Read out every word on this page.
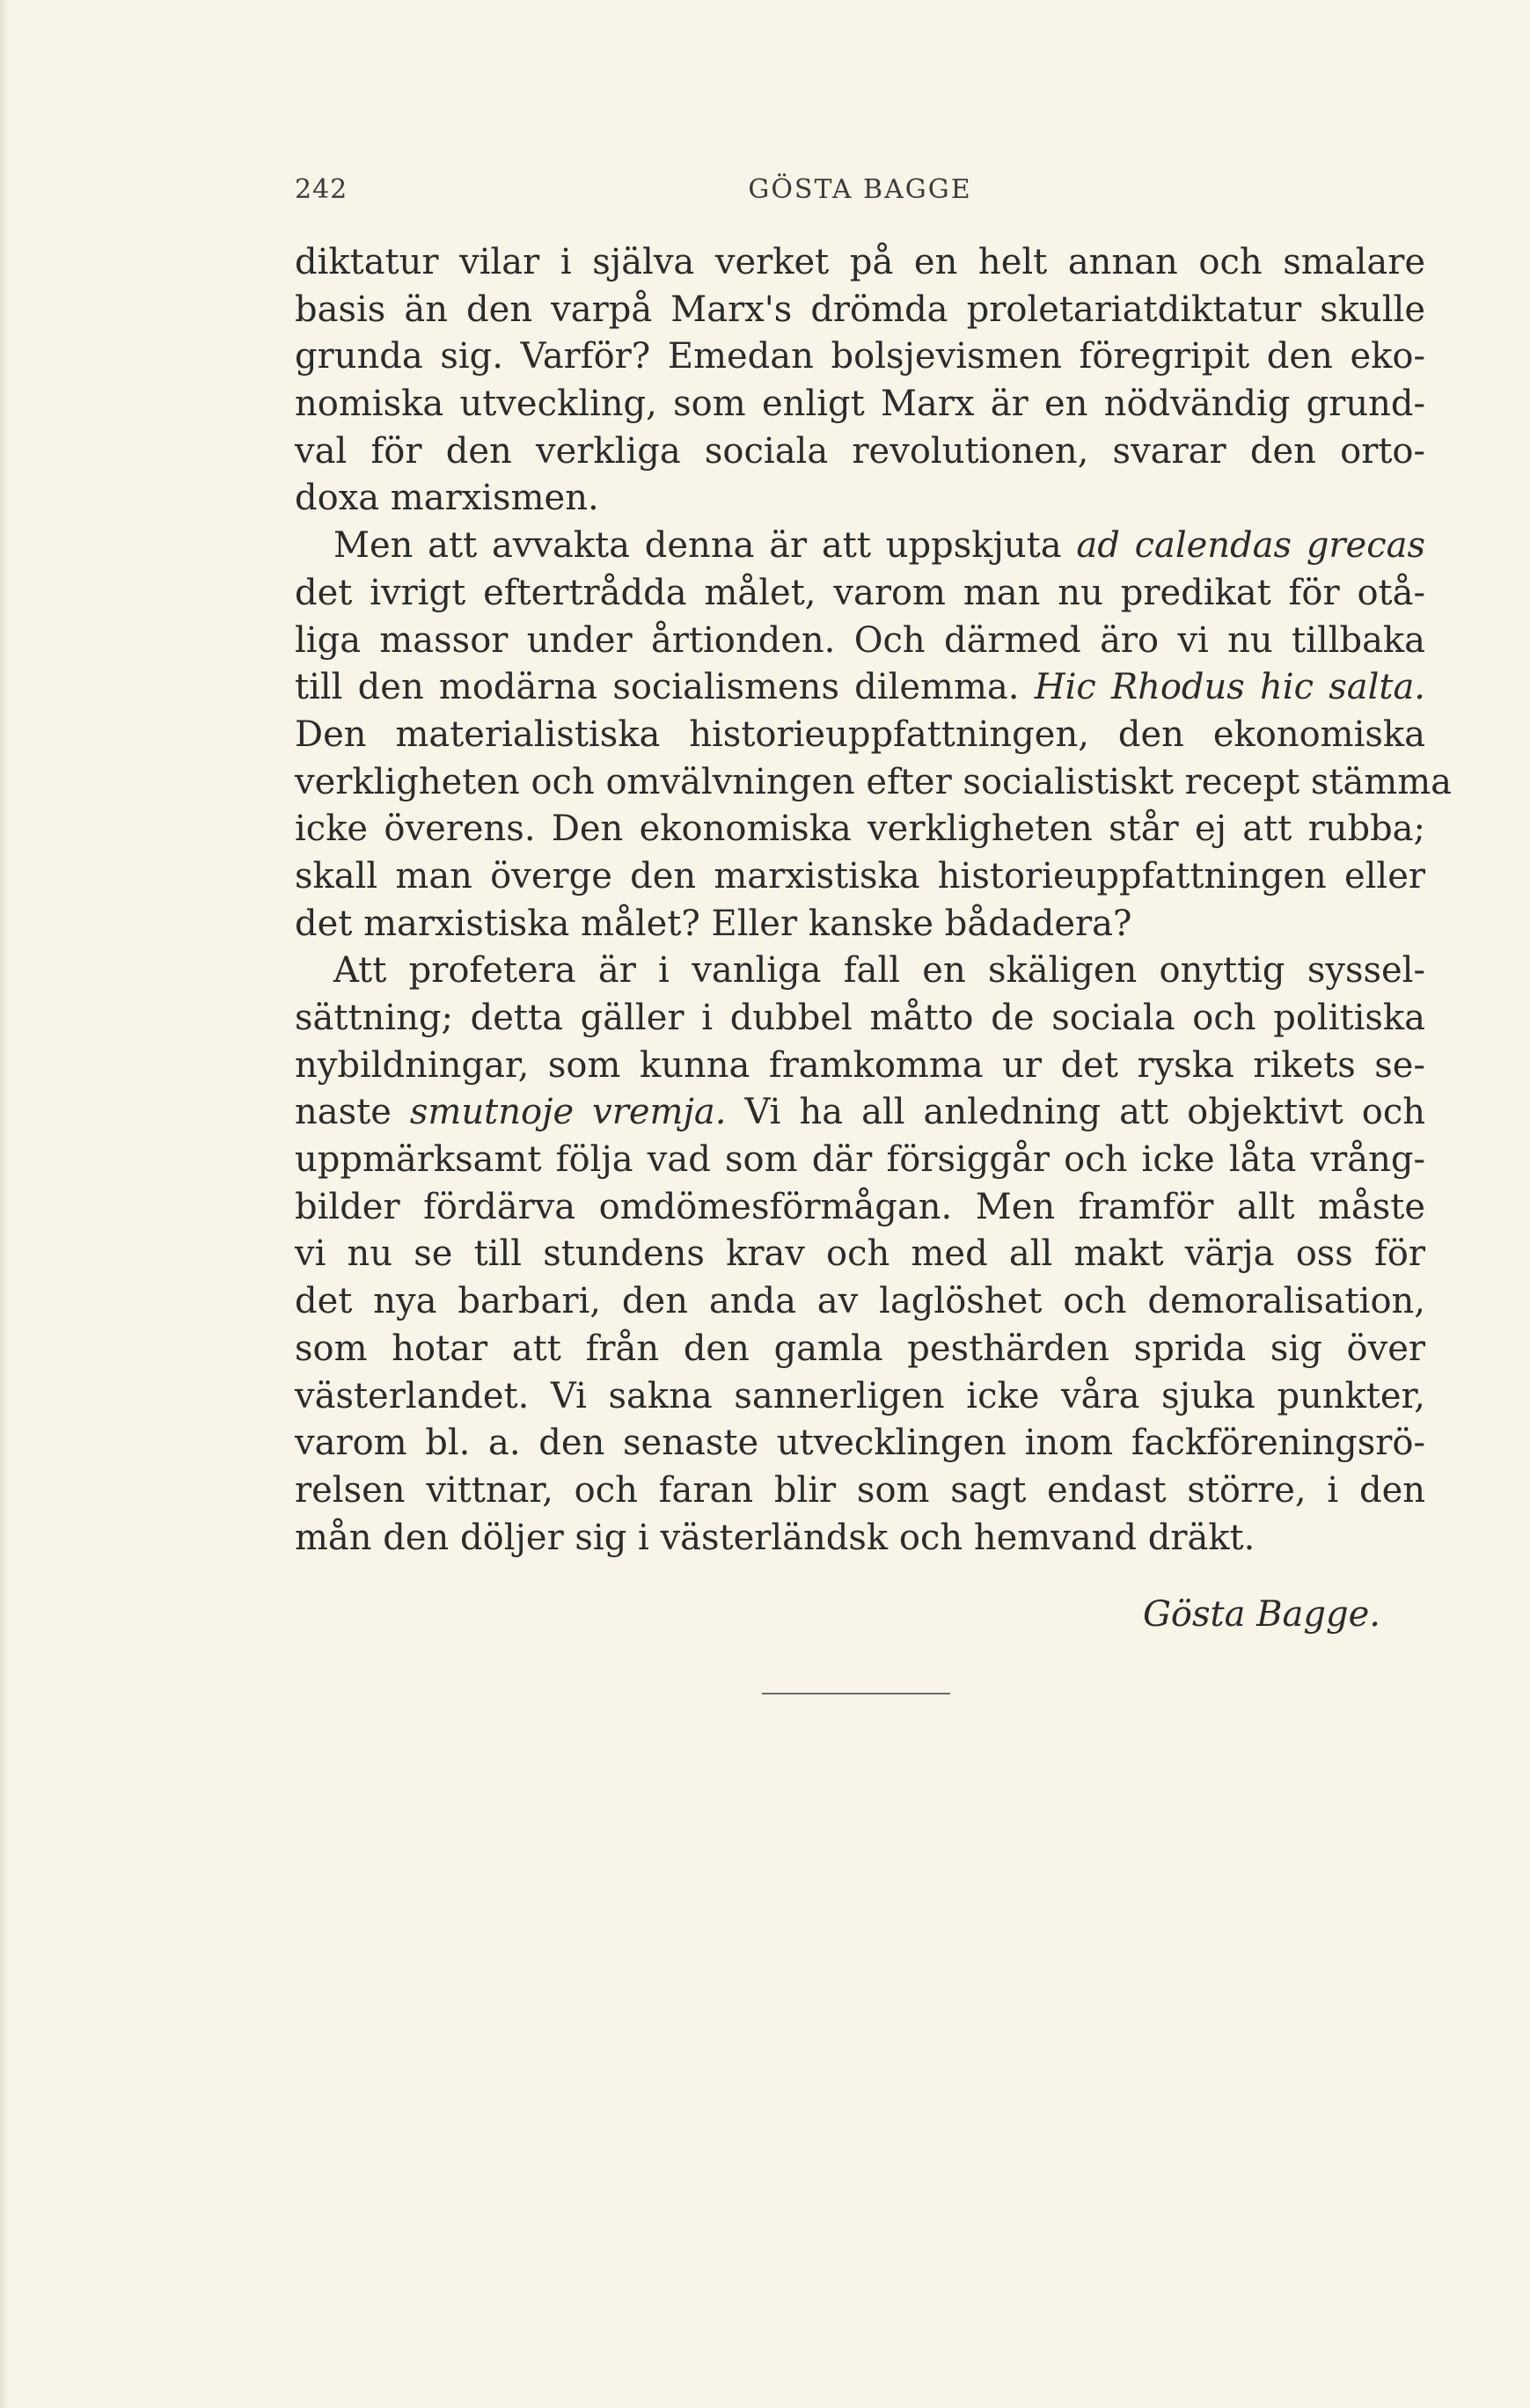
242	GÖSTA BAGGE
diktatur vilar i själva verket på en helt annan och smalare
basis än den varpå Marx's drömda proletariatdiktatur skulle
grunda sig. Varför? Emedan bolsjevismen föregripit den eko-
nomiska utveckling, som enligt Marx är en nödvändig grund-
val för den verkliga sociala revolutionen, svarar den orto-
doxa marxismen.
Men att avvakta denna är att uppskjuta ad calendas grecas
det ivrigt eftertrådda målet, varom man nu predikat för otå-
liga massor under årtionden. Och därmed äro vi nu tillbaka
till den modärna socialismens dilemma. Hic Rhodus hic salta.
Den materialistiska historieuppfattningen, den ekonomiska
verkligheten och omvälvningen efter socialistiskt recept stämma
icke överens. Den ekonomiska verkligheten står ej att rubba;
skall man överge den marxistiska historieuppfattningen eller
det marxistiska målet? Eller kanske bådadera?
Att profetera är i vanliga fall en skäligen onyttig syssel-
sättning; detta gäller i dubbel måtto de sociala och politiska
nybildningar, som kunna framkomma ur det ryska rikets se-
naste smutnoje vremja. Vi ha all anledning att objektivt och
uppmärksamt följa vad som där försiggår och icke låta vrång-
bilder fördärva omdömesförmågan. Men framför allt måste
vi nu se till stundens krav och med all makt värja oss för
det nya barbari, den anda av laglöshet och demoralisation,
som hotar att från den gamla pesthärden sprida sig över
västerlandet. Vi sakna sannerligen icke våra sjuka punkter,
varom bl. a. den senaste utvecklingen inom fackföreningsrö-
relsen vittnar, och faran blir som sagt endast större, i den
mån den döljer sig i västerländsk och hemvand dräkt.
Gösta Bagge.
